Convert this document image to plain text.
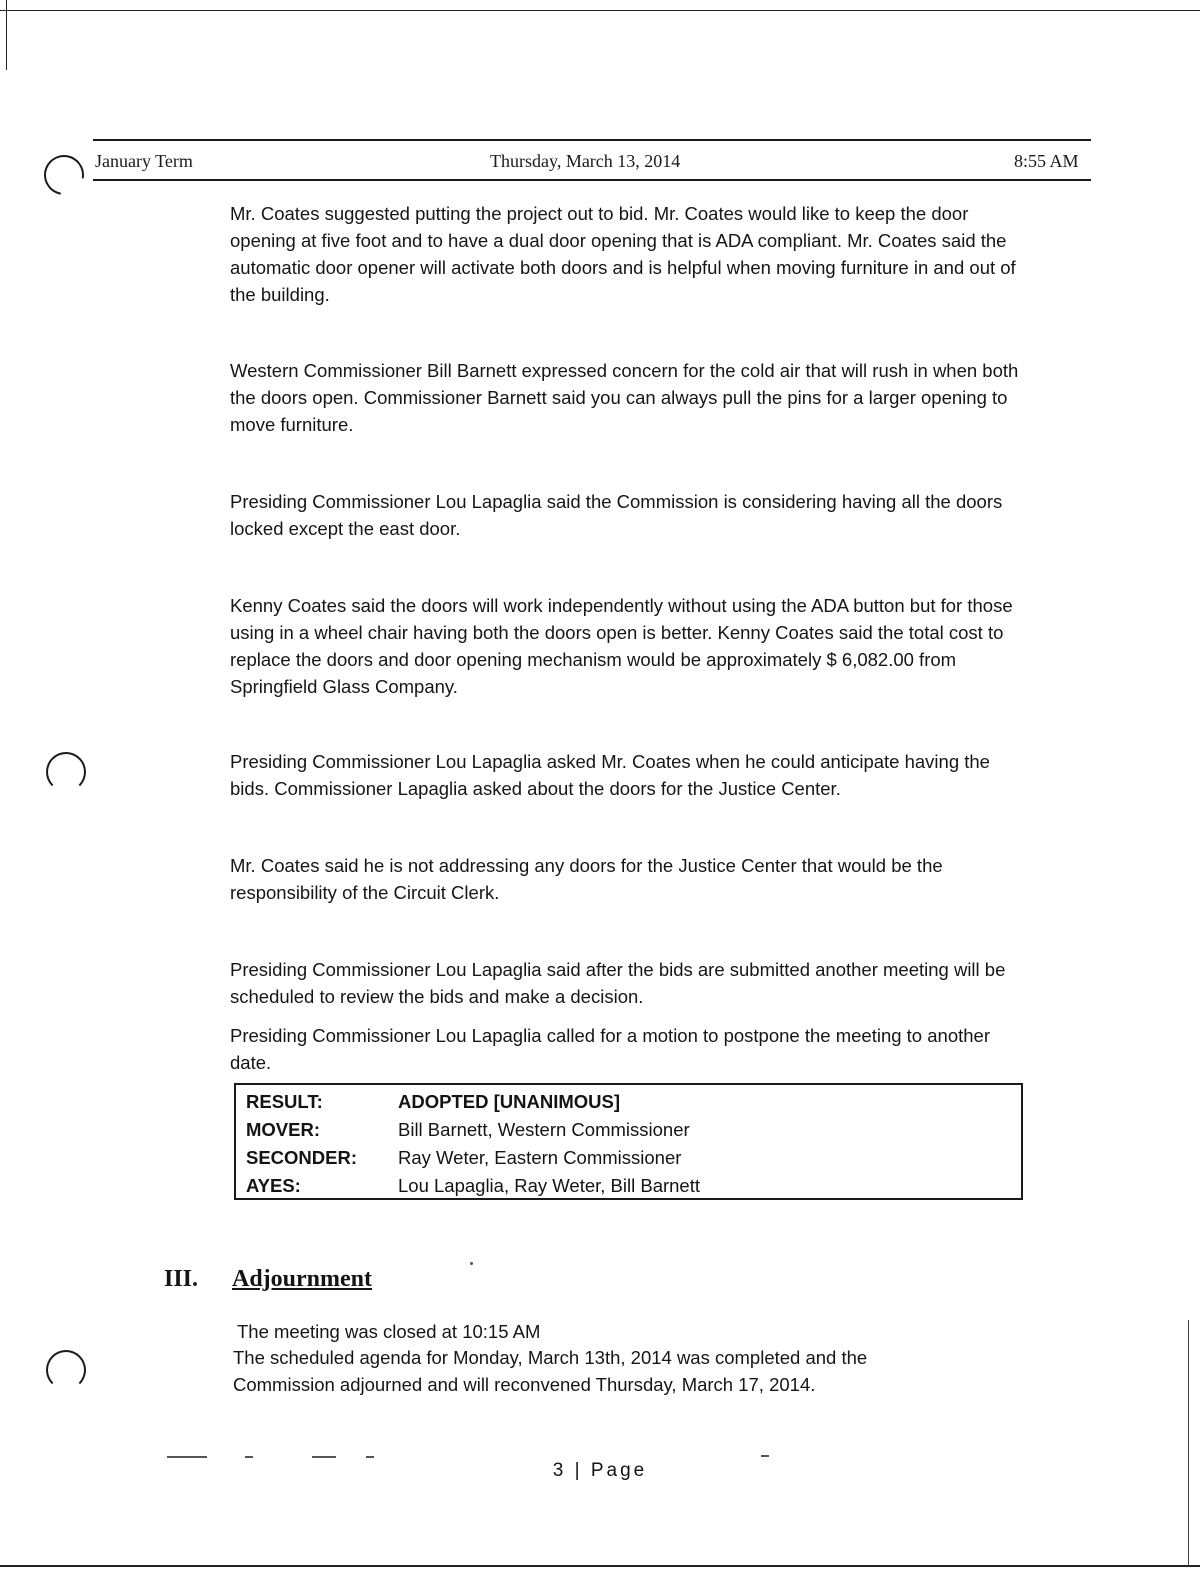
January Term	Thursday, March 13, 2014	8:55 AM

Mr. Coates suggested putting the project out to bid. Mr. Coates would like to keep the door opening at five foot and to have a dual door opening that is ADA compliant. Mr. Coates said the automatic door opener will activate both doors and is helpful when moving furniture in and out of the building.

Western Commissioner Bill Barnett expressed concern for the cold air that will rush in when both the doors open. Commissioner Barnett said you can always pull the pins for a larger opening to move furniture.

Presiding Commissioner Lou Lapaglia said the Commission is considering having all the doors locked except the east door.

Kenny Coates said the doors will work independently without using the ADA button but for those using in a wheel chair having both the doors open is better. Kenny Coates said the total cost to replace the doors and door opening mechanism would be approximately $ 6,082.00 from Springfield Glass Company.

Presiding Commissioner Lou Lapaglia asked Mr. Coates when he could anticipate having the bids. Commissioner Lapaglia asked about the doors for the Justice Center.

Mr. Coates said he is not addressing any doors for the Justice Center that would be the responsibility of the Circuit Clerk.

Presiding Commissioner Lou Lapaglia said after the bids are submitted another meeting will be scheduled to review the bids and make a decision.

Presiding Commissioner Lou Lapaglia called for a motion to postpone the meeting to another date.

RESULT:	ADOPTED [UNANIMOUS]
MOVER:	Bill Barnett, Western Commissioner
SECONDER: Ray Weter, Eastern Commissioner
AYES:	Lou Lapaglia, Ray Weter, Bill Barnett
III. Adjournment
The meeting was closed at 10:15 AM
The scheduled agenda for Monday, March 13th, 2014 was completed and the
Commission adjourned and will reconvened Thursday, March 17, 2014.
3 | Page
